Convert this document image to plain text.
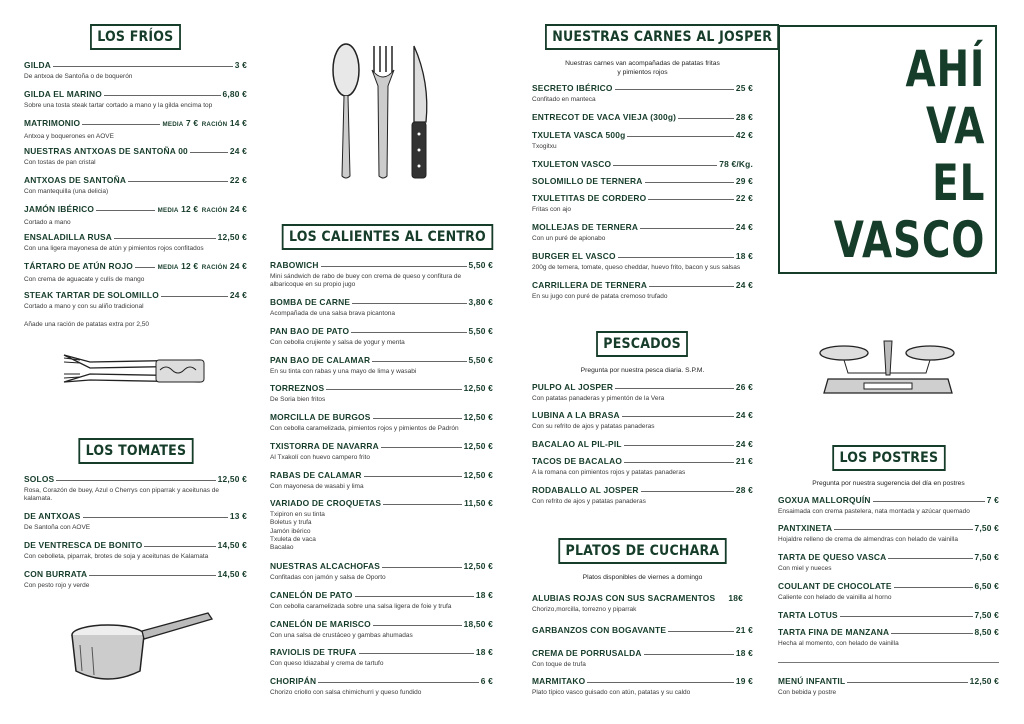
LOS FRÍOS
GILDA	3 €
De antxoa de Santoña o de boquerón
GILDA EL MARINO	6,80 €
Sobre una tosta steak tartar cortado a mano y la gilda encima top
MATRIMONIO	MEDIA 7 € RACIÓN 14 €
Antxoa y boquerones en AOVE
NUESTRAS ANTXOAS DE SANTOÑA 00	24 €
Con tostas de pan cristal
ANTXOAS DE SANTOÑA	22 €
Con mantequilla (una delicia)
JAMÓN IBÉRICO	MEDIA 12 € RACIÓN 24 €
Cortado a mano
ENSALADILLA RUSA	12,50 €
Con una ligera mayonesa de atún y pimientos rojos confitados
TÁRTARO DE ATÚN ROJO	MEDIA 12 € RACIÓN 24 €
Con crema de aguacate y culís de mango
STEAK TARTAR DE SOLOMILLO	24 €
Cortado a mano y con su aliño tradicional
Añade una ración de patatas extra por 2,50
LOS TOMATES
SOLOS	12,50 €
Rosa, Corazón de buey, Azul o Cherrys con piparrak y aceitunas de kalamata.
DE ANTXOAS	13 €
De Santoña con AOVE
DE VENTRESCA DE BONITO	14,50 €
Con cebolleta, piparrak, brotes de soja y aceitunas de Kalamata
CON BURRATA	14,50 €
Con pesto rojo y verde
LOS CALIENTES AL CENTRO
RABOWICH	5,50 €
Mini sándwich de rabo de buey con crema de queso y confitura de albaricoque en su propio jugo
BOMBA DE CARNE	3,80 €
Acompañada de una salsa brava picantona
PAN BAO DE PATO	5,50 €
Con cebolla crujiente y salsa de yogur y menta
PAN BAO DE CALAMAR	5,50 €
En su tinta con rabas y una mayo de lima y wasabi
TORREZNOS	12,50 €
De Soria bien fritos
MORCILLA DE BURGOS	12,50 €
Con cebolla caramelizada, pimientos rojos y pimientos de Padrón
TXISTORRA DE NAVARRA	12,50 €
Al Txakolí con huevo campero frito
RABAS DE CALAMAR	12,50 €
Con mayonesa de wasabi y lima
VARIADO DE CROQUETAS	11,50 €
Txipiron en su tinta
Boletus y trufa
Jamón ibérico
Txuleta de vaca
Bacalao
NUESTRAS ALCACHOFAS	12,50 €
Confitadas con jamón y salsa de Oporto
CANELÓN DE PATO	18 €
Con cebolla caramelizada sobre una salsa ligera de foie y trufa
CANELÓN DE MARISCO	18,50 €
Con una salsa de crustáceo y gambas ahumadas
RAVIOLIS DE TRUFA	18 €
Con queso Idiazabal y crema de tartufo
CHORIPÁN	6 €
Chorizo criollo con salsa chimichurri y queso fundido
NUESTRAS CARNES AL JOSPER
Nuestras carnes van acompañadas de patatas fritas
y pimientos rojos
SECRETO IBÉRICO	25 €
Confitado en manteca
ENTRECOT DE VACA VIEJA (300g)	28 €
TXULETA VASCA 500g	42 €
Txogitxu
TXULETON VASCO	78 €/Kg.
SOLOMILLO DE TERNERA	29 €
TXULETITAS DE CORDERO	22 €
Fritas con ajo
MOLLEJAS DE TERNERA	24 €
Con un puré de apionabo
BURGER EL VASCO	18 €
200g de ternera, tomate, queso cheddar, huevo frito, bacon y sus salsas
CARRILLERA DE TERNERA	24 €
En su jugo con puré de patata cremoso trufado
PESCADOS
Pregunta por nuestra pesca diaria. S.P.M.
PULPO AL JOSPER	26 €
Con patatas panaderas y pimentón de la Vera
LUBINA A LA BRASA	24 €
Con su refrito de ajos y patatas panaderas
BACALAO AL PIL-PIL	24 €
TACOS DE BACALAO	21 €
A la romana con pimientos rojos y patatas panaderas
RODABALLO AL JOSPER	28 €
Con refrito de ajos y patatas panaderas
PLATOS DE CUCHARA
Platos disponibles de viernes a domingo
ALUBIAS ROJAS CON SUS SACRAMENTOS 18€
Chorizo,morcilla, torrezno y piparrak
GARBANZOS CON BOGAVANTE	21 €
CREMA DE PORRUSALDA	18 €
Con toque de trufa
MARMITAKO	19 €
Plato típico vasco guisado con atún, patatas y su caldo
AHÍ
VA
EL
VASCO
LOS POSTRES
Pregunta por nuestra sugerencia del día en postres
GOXUA MALLORQUÍN	7 €
Ensaimada con crema pastelera, nata montada y azúcar quemado
PANTXINETA	7,50 €
Hojaldre relleno de crema de almendras con helado de vainilla
TARTA DE QUESO VASCA	7,50 €
Con miel y nueces
COULANT DE CHOCOLATE	6,50 €
Caliente con helado de vainilla al horno
TARTA LOTUS	7,50 €
TARTA FINA DE MANZANA	8,50 €
Hecha al momento, con helado de vainilla
MENÚ INFANTIL	12,50 €
Con bebida y postre
